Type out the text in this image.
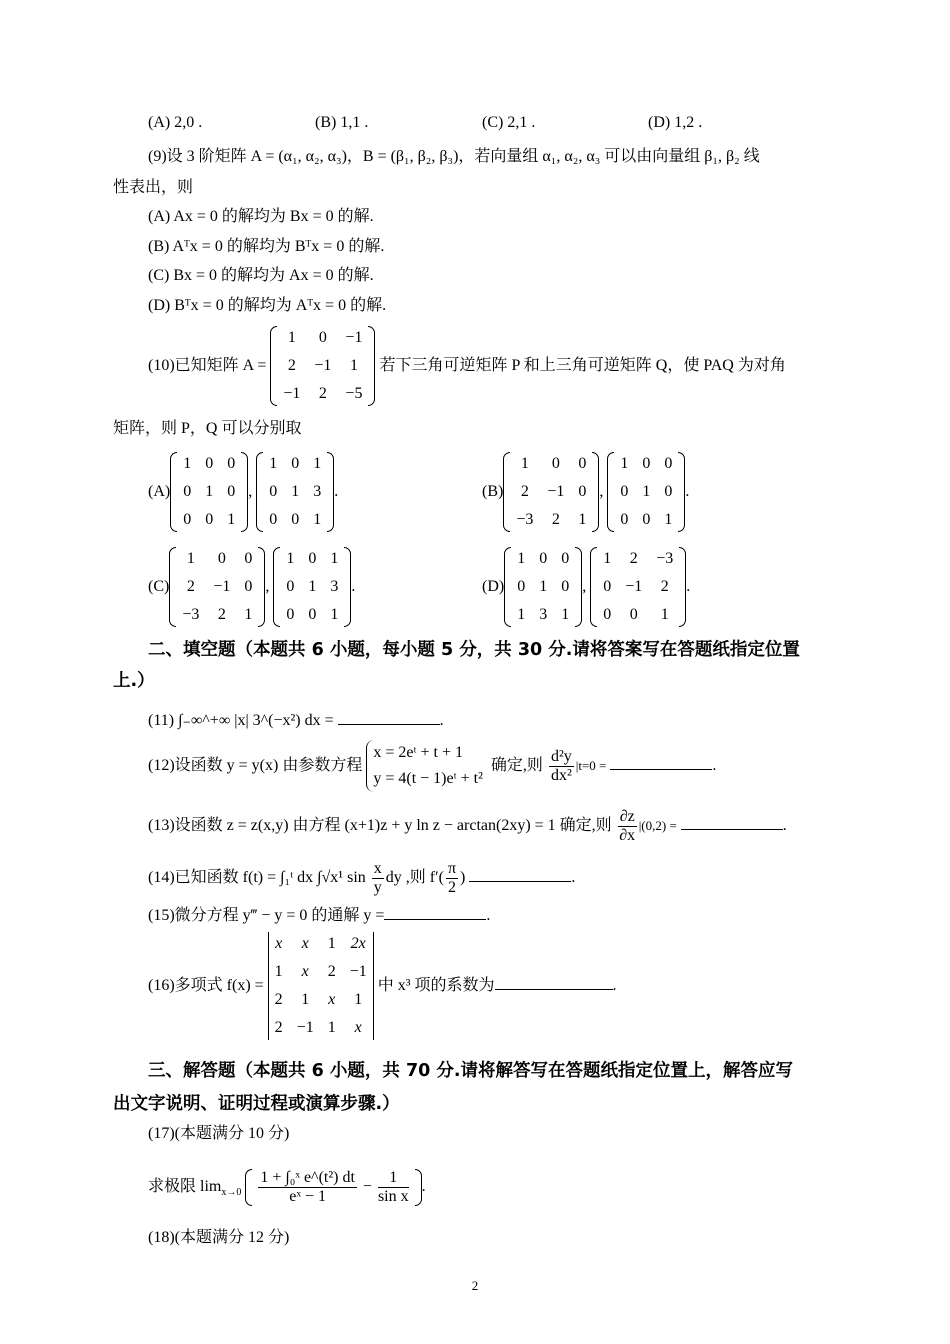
(A) 2,0 .	(B) 1,1 .	(C) 2,1 .	(D) 1,2 .
(9)设 3 阶矩阵 A = (α₁, α₂, α₃)，B = (β₁, β₂, β₃)，若向量组 α₁, α₂, α₃ 可以由向量组 β₁, β₂ 线
性表出，则
(A) Ax = 0 的解均为 Bx = 0 的解.
(B) Aᵀx = 0 的解均为 Bᵀx = 0 的解.
(C) Bx = 0 的解均为 Ax = 0 的解.
(D) Bᵀx = 0 的解均为 Aᵀx = 0 的解.
(10)已知矩阵 A =
1 0 −1
2 −1 1
−1 2 −5
若下三角可逆矩阵 P 和上三角可逆矩阵 Q，使 PAQ 为对角
矩阵，则 P，Q 可以分别取
(A)
1 0 0
0 1 0
0 0 1
,
1 0 1
0 1 3
0 0 1
.	(B)
1 0 0
2 −1 0
−3 2 1
,
1 0 0
0 1 0
0 0 1
.
(C)
1 0 0
2 −1 0
−3 2 1
,
1 0 1
0 1 3
0 0 1
.	(D)
1 0 0
0 1 0
1 3 1
,
1 2 −3
0 −1 2
0 0 1
.
二、填空题（本题共 6 小题，每小题 5 分，共 30 分.请将答案写在答题纸指定位置
上.）
(11) ∫₋∞^+∞ |x| 3^(−x²) dx =	.
(12)设函数 y = y(x) 由参数方程
x = 2eᵗ + t + 1
y = 4(t − 1)eᵗ + t²
确定,则 $\frac{\text{d²y}}{\text{dx²}} |t=0$ =	.
(13)设函数 z = z(x,y) 由方程 (x+1)z + y ln z − arctan(2xy) = 1 确定,则 $\frac{\partial z}{\partial x} |(0,2)$ =	.
(14)已知函数 f(t) = ∫₁ᵗ dx ∫√x¹ $\sin \frac{x}{y}$ dy ,则 $f'( \frac{\pi}{2}$ )	.
(15)微分方程 y‴ − y = 0 的通解 y =	.
(16)多项式 f(x) =
x	x	1 2x
1	x	2 −1
2 1 x 1
2 −1 1	x
中 x³ 项的系数为	.
三、解答题（本题共 6 小题，共 70 分.请将解答写在答题纸指定位置上，解答应写
出文字说明、证明过程或演算步骤.）
(17)(本题满分 10 分)
求极限 $\lim_{x\to 0} \frac{\text{1 + ∫₀ˣ e\textasciicircum{}(t²) dt}}{\text{eˣ − 1}} - \frac{1}{\text{sin x}}$ .
(18)(本题满分 12 分)
2
